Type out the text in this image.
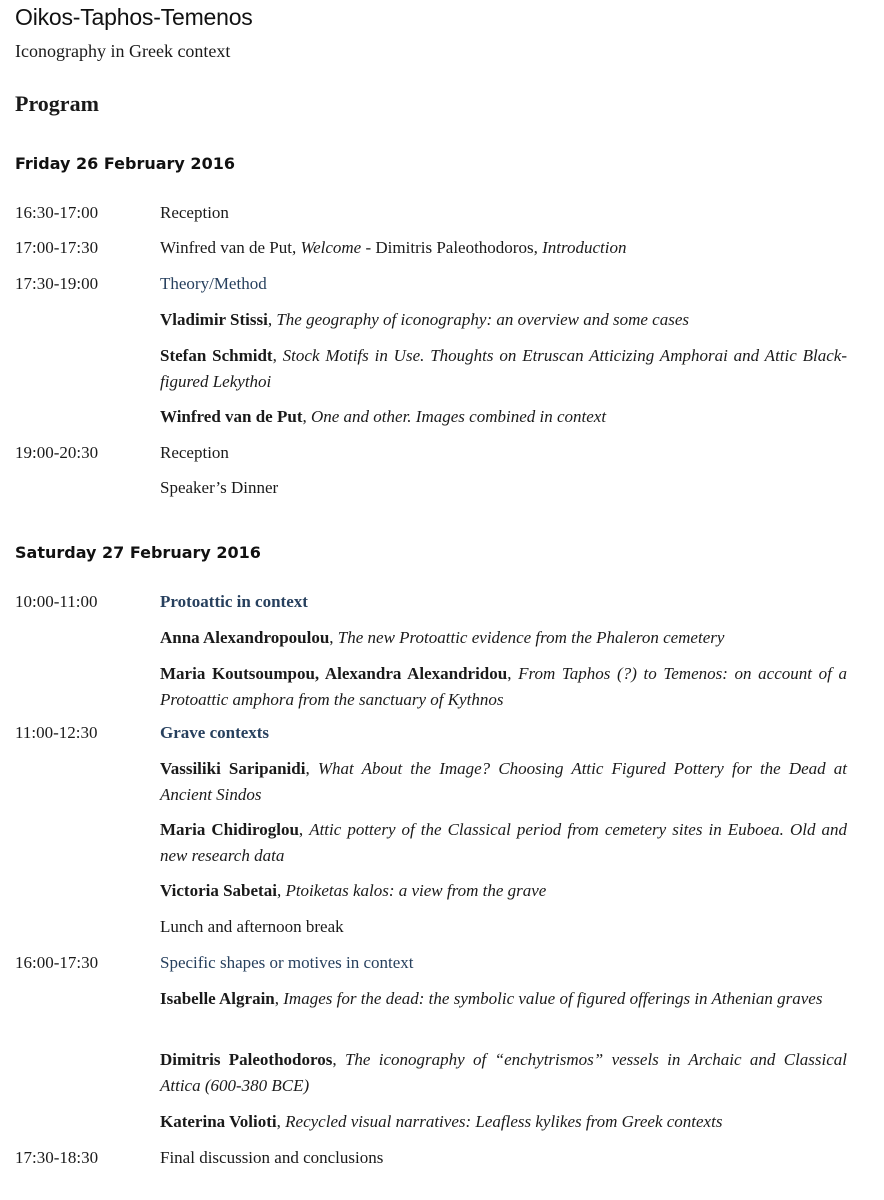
Oikos-Taphos-Temenos
Iconography in Greek context
Program
Friday 26 February 2016
16:30-17:00	Reception
17:00-17:30	Winfred van de Put, Welcome - Dimitris Paleothodoros, Introduction
17:30-19:00	Theory/Method
Vladimir Stissi, The geography of iconography: an overview and some cases
Stefan Schmidt, Stock Motifs in Use. Thoughts on Etruscan Atticizing Amphorai and Attic Black-figured Lekythoi
Winfred van de Put, One and other. Images combined in context
19:00-20:30	Reception
Speaker’s Dinner
Saturday 27 February 2016
10:00-11:00	Protoattic in context
Anna Alexandropoulou, The new Protoattic evidence from the Phaleron cemetery
Maria Koutsoumpou, Alexandra Alexandridou, From Taphos (?) to Temenos: on account of a Protoattic amphora from the sanctuary of Kythnos
11:00-12:30	Grave contexts
Vassiliki Saripanidi, What About the Image? Choosing Attic Figured Pottery for the Dead at Ancient Sindos
Maria Chidiroglou, Attic pottery of the Classical period from cemetery sites in Euboea. Old and new research data
Victoria Sabetai, Ptoiketas kalos: a view from the grave
Lunch and afternoon break
16:00-17:30	Specific shapes or motives in context
Isabelle Algrain, Images for the dead: the symbolic value of figured offerings in Athenian graves
Dimitris Paleothodoros, The iconography of “enchytrismos” vessels in Archaic and Classical Attica (600-380 BCE)
Katerina Volioti, Recycled visual narratives: Leafless kylikes from Greek contexts
17:30-18:30	Final discussion and conclusions
